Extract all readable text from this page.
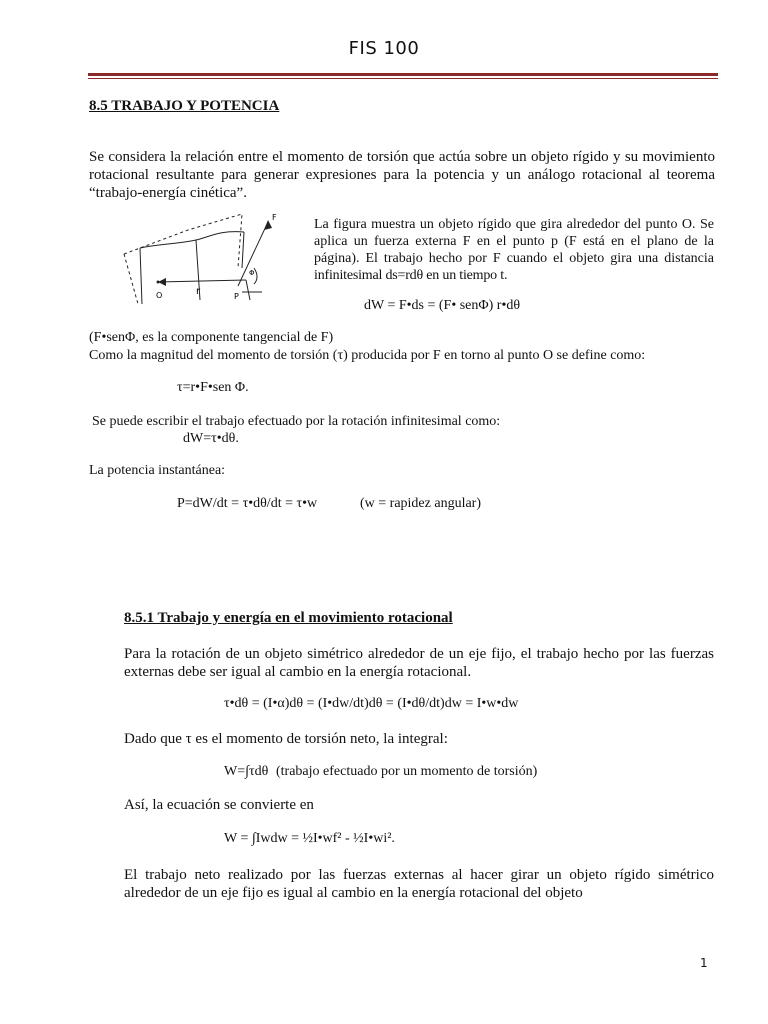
FIS 100
8.5 TRABAJO Y POTENCIA
Se considera la relación entre el momento de torsión que actúa sobre un objeto rígido y su movimiento rotacional resultante para generar expresiones para la potencia y un análogo rotacional al teorema “trabajo-energía cinética”.
F
O	r	P
Φ
La figura muestra un objeto rígido que gira alrededor del punto O. Se aplica un fuerza externa F en el punto p (F está en el plano de la página). El trabajo hecho por F cuando el objeto gira una distancia infinitesimal ds=rdθ en un tiempo t.
dW = F•ds = (F• senΦ) r•dθ
(F•senΦ, es la componente tangencial de F)
Como la magnitud del momento de torsión (τ) producida por F en torno al punto O se define como:
τ=r•F•sen Φ.
Se puede escribir el trabajo efectuado por la rotación infinitesimal como:
dW=τ•dθ.
La potencia instantánea:
P=dW/dt = τ•dθ/dt = τ•w	(w = rapidez angular)
8.5.1 Trabajo y energía en el movimiento rotacional
Para la rotación de un objeto simétrico alrededor de un eje fijo, el trabajo hecho por las fuerzas externas debe ser igual al cambio en la energía rotacional.
τ•dθ = (I•α)dθ = (I•dw/dt)dθ = (I•dθ/dt)dw = I•w•dw
Dado que τ es el momento de torsión neto, la integral:
W=∫τdθ (trabajo efectuado por un momento de torsión)
Así, la ecuación se convierte en
W = ∫Iwdw = ½I•wf² - ½I•wi².
El trabajo neto realizado por las fuerzas externas al hacer girar un objeto rígido simétrico alrededor de un eje fijo es igual al cambio en la energía rotacional del objeto
1
